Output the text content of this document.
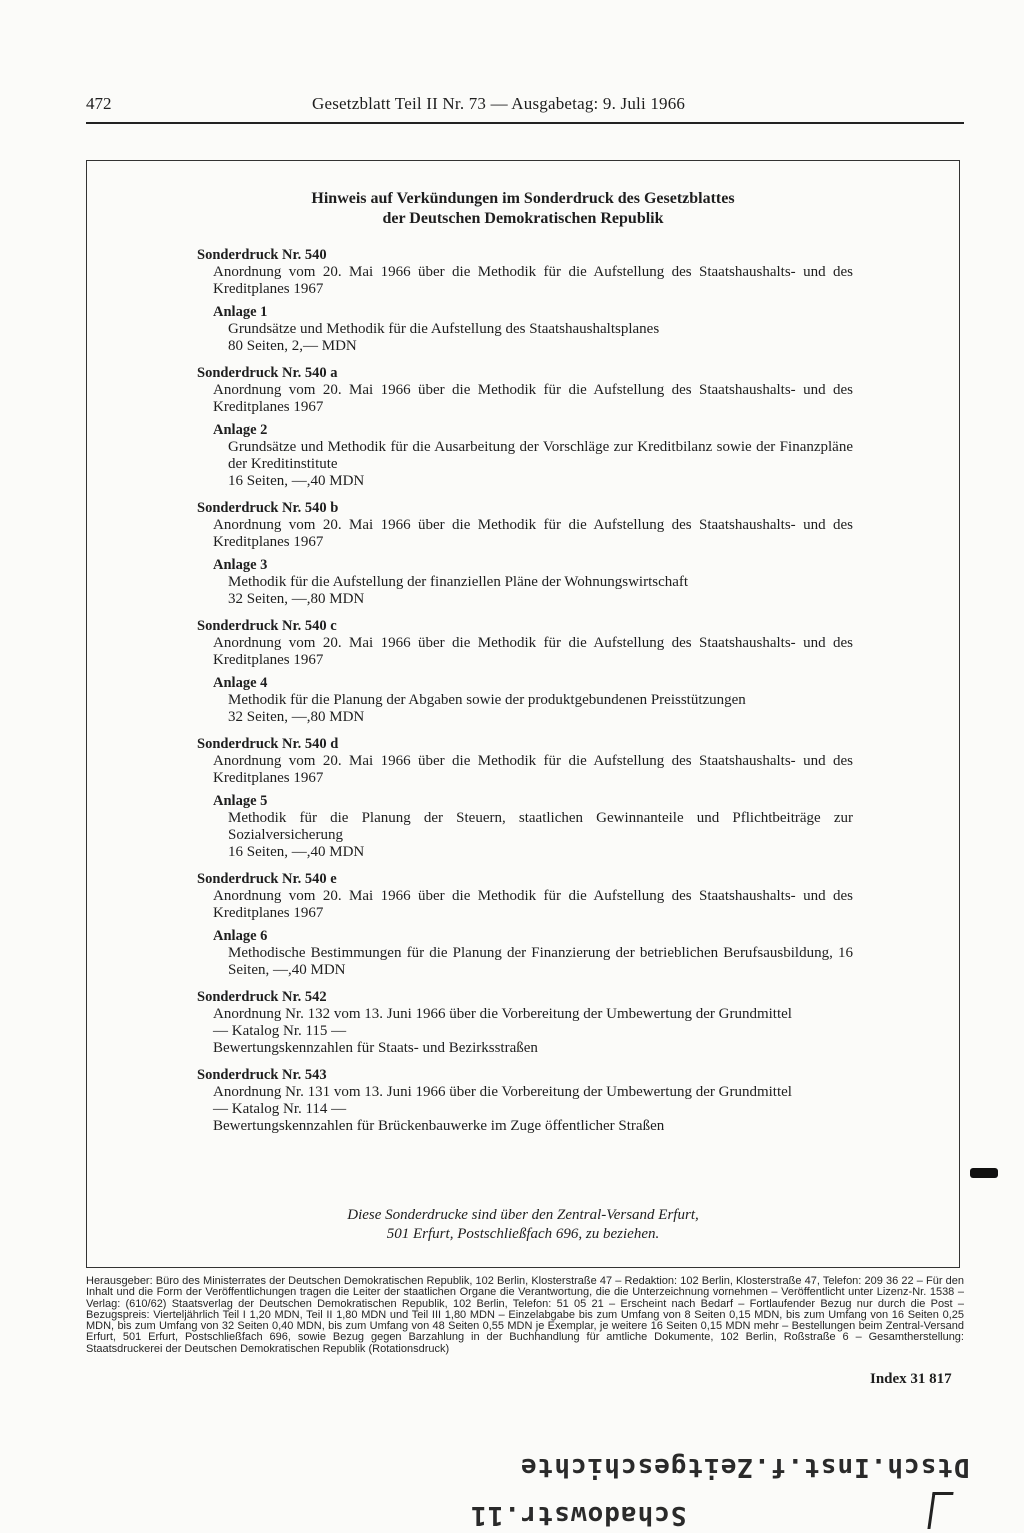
472	Gesetzblatt Teil II Nr. 73 — Ausgabetag: 9. Juli 1966
Hinweis auf Verkündungen im Sonderdruck des Gesetzblattes
der Deutschen Demokratischen Republik
Sonderdruck Nr. 540
Anordnung vom 20. Mai 1966 über die Methodik für die Aufstellung des Staatshaushalts- und des Kreditplanes 1967
Anlage 1
Grundsätze und Methodik für die Aufstellung des Staatshaushaltsplanes
80 Seiten, 2,— MDN
Sonderdruck Nr. 540 a
Anordnung vom 20. Mai 1966 über die Methodik für die Aufstellung des Staatshaushalts- und des Kreditplanes 1967
Anlage 2
Grundsätze und Methodik für die Ausarbeitung der Vorschläge zur Kreditbilanz sowie der Finanzpläne der Kreditinstitute
16 Seiten, —,40 MDN
Sonderdruck Nr. 540 b
Anordnung vom 20. Mai 1966 über die Methodik für die Aufstellung des Staatshaushalts- und des Kreditplanes 1967
Anlage 3
Methodik für die Aufstellung der finanziellen Pläne der Wohnungswirtschaft
32 Seiten, —,80 MDN
Sonderdruck Nr. 540 c
Anordnung vom 20. Mai 1966 über die Methodik für die Aufstellung des Staatshaushalts- und des Kreditplanes 1967
Anlage 4
Methodik für die Planung der Abgaben sowie der produktgebundenen Preisstützungen
32 Seiten, —,80 MDN
Sonderdruck Nr. 540 d
Anordnung vom 20. Mai 1966 über die Methodik für die Aufstellung des Staatshaushalts- und des Kreditplanes 1967
Anlage 5
Methodik für die Planung der Steuern, staatlichen Gewinnanteile und Pflichtbeiträge zur Sozialversicherung
16 Seiten, —,40 MDN
Sonderdruck Nr. 540 e
Anordnung vom 20. Mai 1966 über die Methodik für die Aufstellung des Staatshaushalts- und des Kreditplanes 1967
Anlage 6
Methodische Bestimmungen für die Planung der Finanzierung der betrieblichen Berufsausbildung, 16 Seiten, —,40 MDN
Sonderdruck Nr. 542
Anordnung Nr. 132 vom 13. Juni 1966 über die Vorbereitung der Umbewertung der Grundmittel
— Katalog Nr. 115 —
Bewertungskennzahlen für Staats- und Bezirksstraßen
Sonderdruck Nr. 543
Anordnung Nr. 131 vom 13. Juni 1966 über die Vorbereitung der Umbewertung der Grundmittel
— Katalog Nr. 114 —
Bewertungskennzahlen für Brückenbauwerke im Zuge öffentlicher Straßen
Diese Sonderdrucke sind über den Zentral-Versand Erfurt,
501 Erfurt, Postschließfach 696, zu beziehen.
Herausgeber: Büro des Ministerrates der Deutschen Demokratischen Republik, 102 Berlin, Klosterstraße 47 – Redaktion: 102 Berlin, Klosterstraße 47, Telefon: 209 36 22 – Für den Inhalt und die Form der Veröffentlichungen tragen die Leiter der staatlichen Organe die Verantwortung, die die Unterzeichnung vornehmen – Veröffentlicht unter Lizenz-Nr. 1538 – Verlag: (610/62) Staatsverlag der Deutschen Demokratischen Republik, 102 Berlin, Telefon: 51 05 21 – Erscheint nach Bedarf – Fortlaufender Bezug nur durch die Post – Bezugspreis: Vierteljährlich Teil I 1,20 MDN, Teil II 1,80 MDN und Teil III 1,80 MDN – Einzelabgabe bis zum Umfang von 8 Seiten 0,15 MDN, bis zum Umfang von 16 Seiten 0,25 MDN, bis zum Umfang von 32 Seiten 0,40 MDN, bis zum Umfang von 48 Seiten 0,55 MDN je Exemplar, je weitere 16 Seiten 0,15 MDN mehr – Bestellungen beim Zentral-Versand Erfurt, 501 Erfurt, Postschließfach 696, sowie Bezug gegen Barzahlung in der Buchhandlung für amtliche Dokumente, 102 Berlin, Roßstraße 6 – Gesamtherstellung: Staatsdruckerei der Deutschen Demokratischen Republik (Rotationsdruck)
Index 31 817
Schadowstr.11
Dtsch.Inst.f.Zeitgeschichte
